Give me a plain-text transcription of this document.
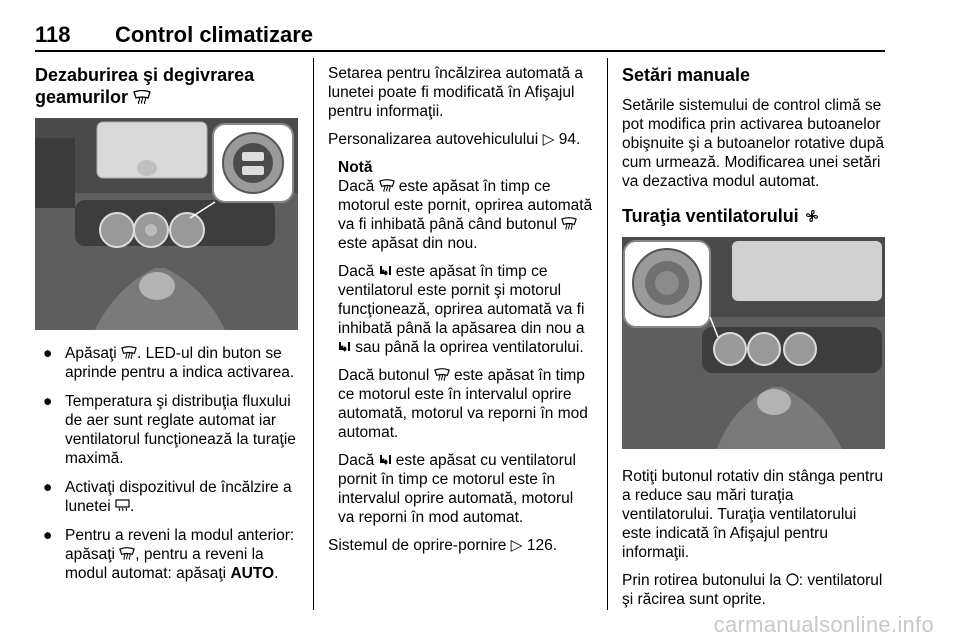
118 Control climatizare
Dezaburirea şi degivrarea geamurilor
● Apăsaţi . LED-ul din buton se aprinde pentru a indica activarea.
● Temperatura şi distribuţia fluxului de aer sunt reglate automat iar ventilatorul funcţionează la turaţie maximă.
● Activaţi dispozitivul de încălzire a lunetei .
● Pentru a reveni la modul anterior: apăsaţi , pentru a reveni la modul automat: apăsaţi AUTO.

Setarea pentru încălzirea automată a lunetei poate fi modificată în Afişajul pentru informaţii.

Personalizarea autovehiculului ▷ 94.

Notă

Dacă  este apăsat în timp ce motorul este pornit, oprirea automată va fi inhibată până când butonul  este apăsat din nou.

Dacă  este apăsat în timp ce ventilatorul este pornit şi motorul funcţionează, oprirea automată va fi inhibată până la apăsarea din nou a  sau până la oprirea ventilatorului.

Dacă butonul  este apăsat în timp ce motorul este în intervalul oprire automată, motorul va reporni în mod automat.

Dacă  este apăsat cu ventilatorul pornit în timp ce motorul este în intervalul oprire automată, motorul va reporni în mod automat.

Sistemul de oprire-pornire ▷ 126.

Setări manuale

Setările sistemului de control climă se pot modifica prin activarea butoanelor obişnuite şi a butoanelor rotative după cum urmează. Modificarea unei setări va dezactiva modul automat.

Turaţia ventilatorului

Rotiţi butonul rotativ din stânga pentru a reduce sau mări turaţia ventilatorului. Turaţia ventilatorului este indicată în Afişajul pentru informaţii.

Prin rotirea butonului la : ventilatorul şi răcirea sunt oprite.

carmanualsonline.info
